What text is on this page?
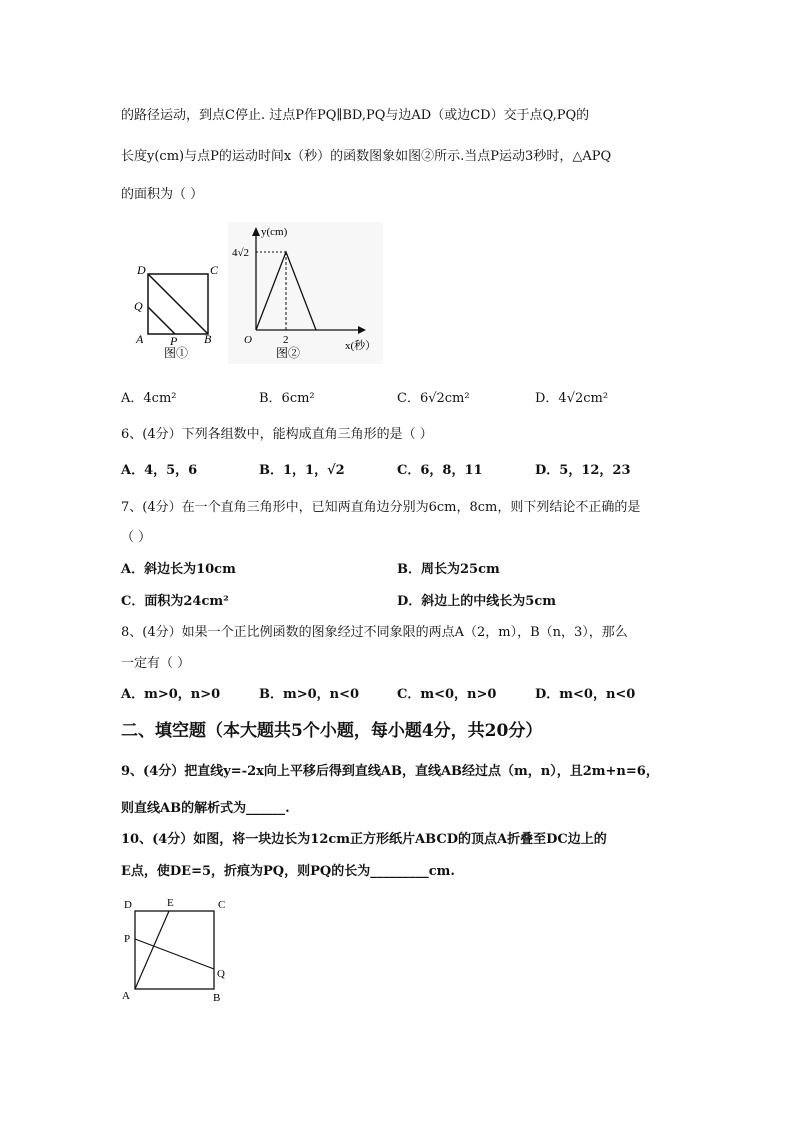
的路径运动，到点C停止. 过点P作PQ∥BD,PQ与边AD（或边CD）交于点Q,PQ的
长度y(cm)与点P的运动时间x（秒）的函数图象如图②所示.当点P运动3秒时，△APQ
的面积为（ ）
D	C
Q
A P B
图①
y(cm)
4√2
O	2	x(秒）
图②
A．4cm²	B．6cm²	C．6√2cm²	D．4√2cm²
6、(4分）下列各组数中，能构成直角三角形的是（ ）
A．4，5，6	B．1，1，√2	C．6，8，11	D．5，12，23
7、(4分）在一个直角三角形中，已知两直角边分别为6cm，8cm，则下列结论不正确的是
（ ）
A．斜边长为10cm	B．周长为25cm
C．面积为24cm²	D．斜边上的中线长为5cm
8、(4分）如果一个正比例函数的图象经过不同象限的两点A（2，m），B（n，3），那么
一定有（ ）
A．m>0，n>0	B．m>0，n<0	C．m<0，n>0	D．m<0，n<0
二、填空题（本大题共5个小题，每小题4分，共20分）
9、(4分）把直线y=-2x向上平移后得到直线AB，直线AB经过点（m，n），且2m+n=6，
则直线AB的解析式为______.
10、(4分）如图，将一块边长为12cm正方形纸片ABCD的顶点A折叠至DC边上的
E点，使DE=5，折痕为PQ，则PQ的长为_________cm.
D	E	C
P
Q
A	B
